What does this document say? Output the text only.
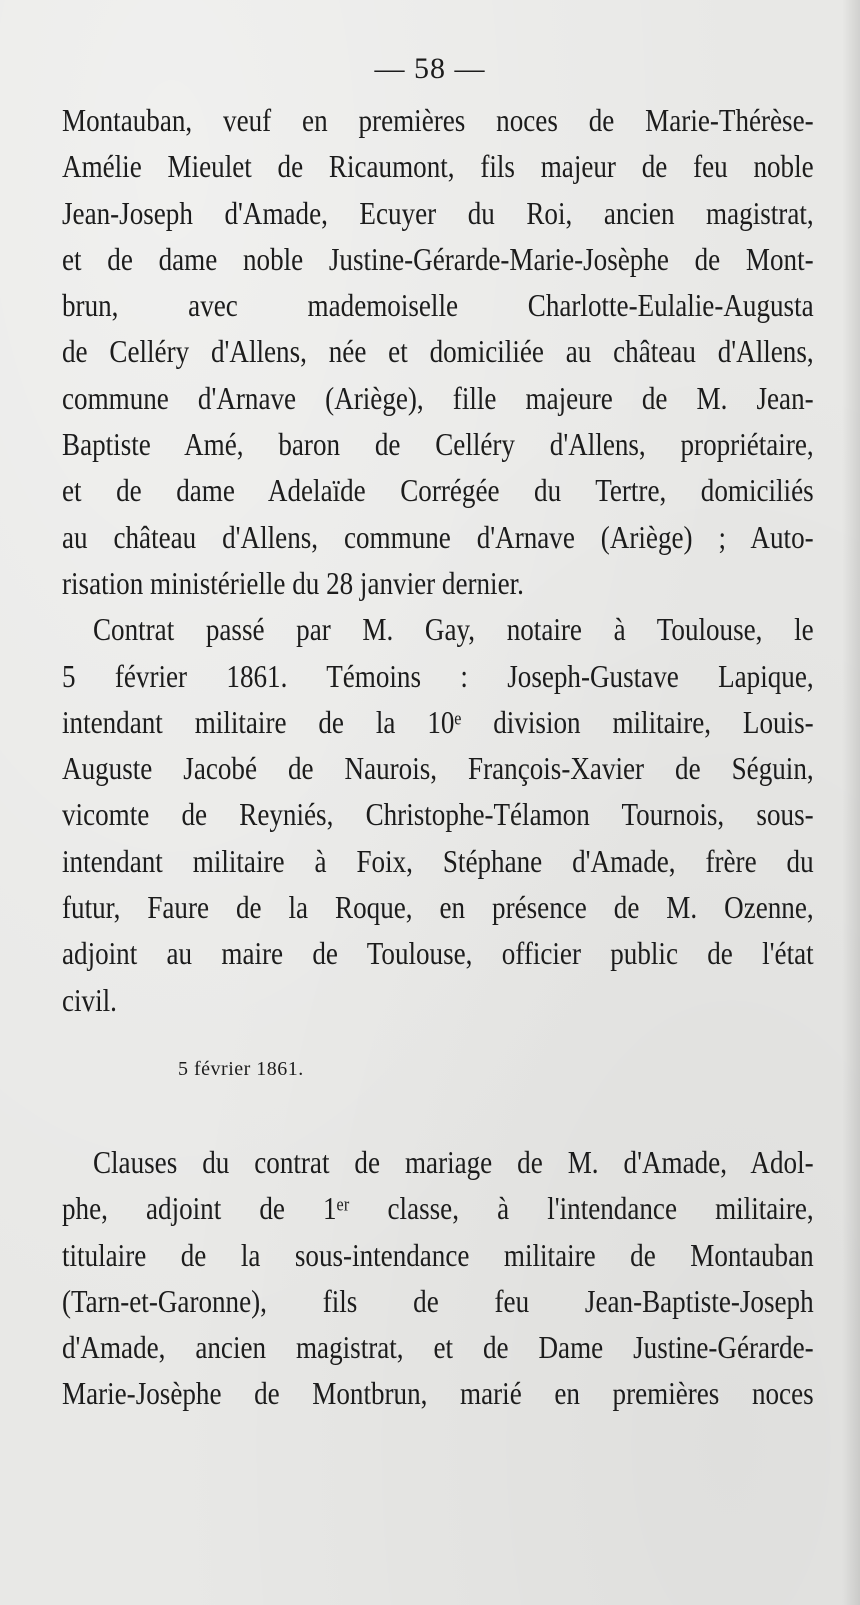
— 58 —
Montauban, veuf en premières noces de Marie-Thérèse-
Amélie Mieulet de Ricaumont, fils majeur de feu noble
Jean-Joseph d'Amade, Ecuyer du Roi, ancien magistrat,
et de dame noble Justine-Gérarde-Marie-Josèphe de Mont-
brun, avec mademoiselle Charlotte-Eulalie-Augusta
de Celléry d'Allens, née et domiciliée au château d'Allens,
commune d'Arnave (Ariège), fille majeure de M. Jean-
Baptiste Amé, baron de Celléry d'Allens, propriétaire,
et de dame Adelaïde Corrégée du Tertre, domiciliés
au château d'Allens, commune d'Arnave (Ariège) ; Auto-
risation ministérielle du 28 janvier dernier.
Contrat passé par M. Gay, notaire à Toulouse, le
5 février 1861. Témoins : Joseph-Gustave Lapique,
intendant militaire de la 10ᵉ division militaire, Louis-
Auguste Jacobé de Naurois, François-Xavier de Séguin,
vicomte de Reyniés, Christophe-Télamon Tournois, sous-
intendant militaire à Foix, Stéphane d'Amade, frère du
futur, Faure de la Roque, en présence de M. Ozenne,
adjoint au maire de Toulouse, officier public de l'état
civil.
5 février 1861.
Clauses du contrat de mariage de M. d'Amade, Adol-
phe, adjoint de 1ᵉʳ classe, à l'intendance militaire,
titulaire de la sous-intendance militaire de Montauban
(Tarn-et-Garonne), fils de feu Jean-Baptiste-Joseph
d'Amade, ancien magistrat, et de Dame Justine-Gérarde-
Marie-Josèphe de Montbrun, marié en premières noces
